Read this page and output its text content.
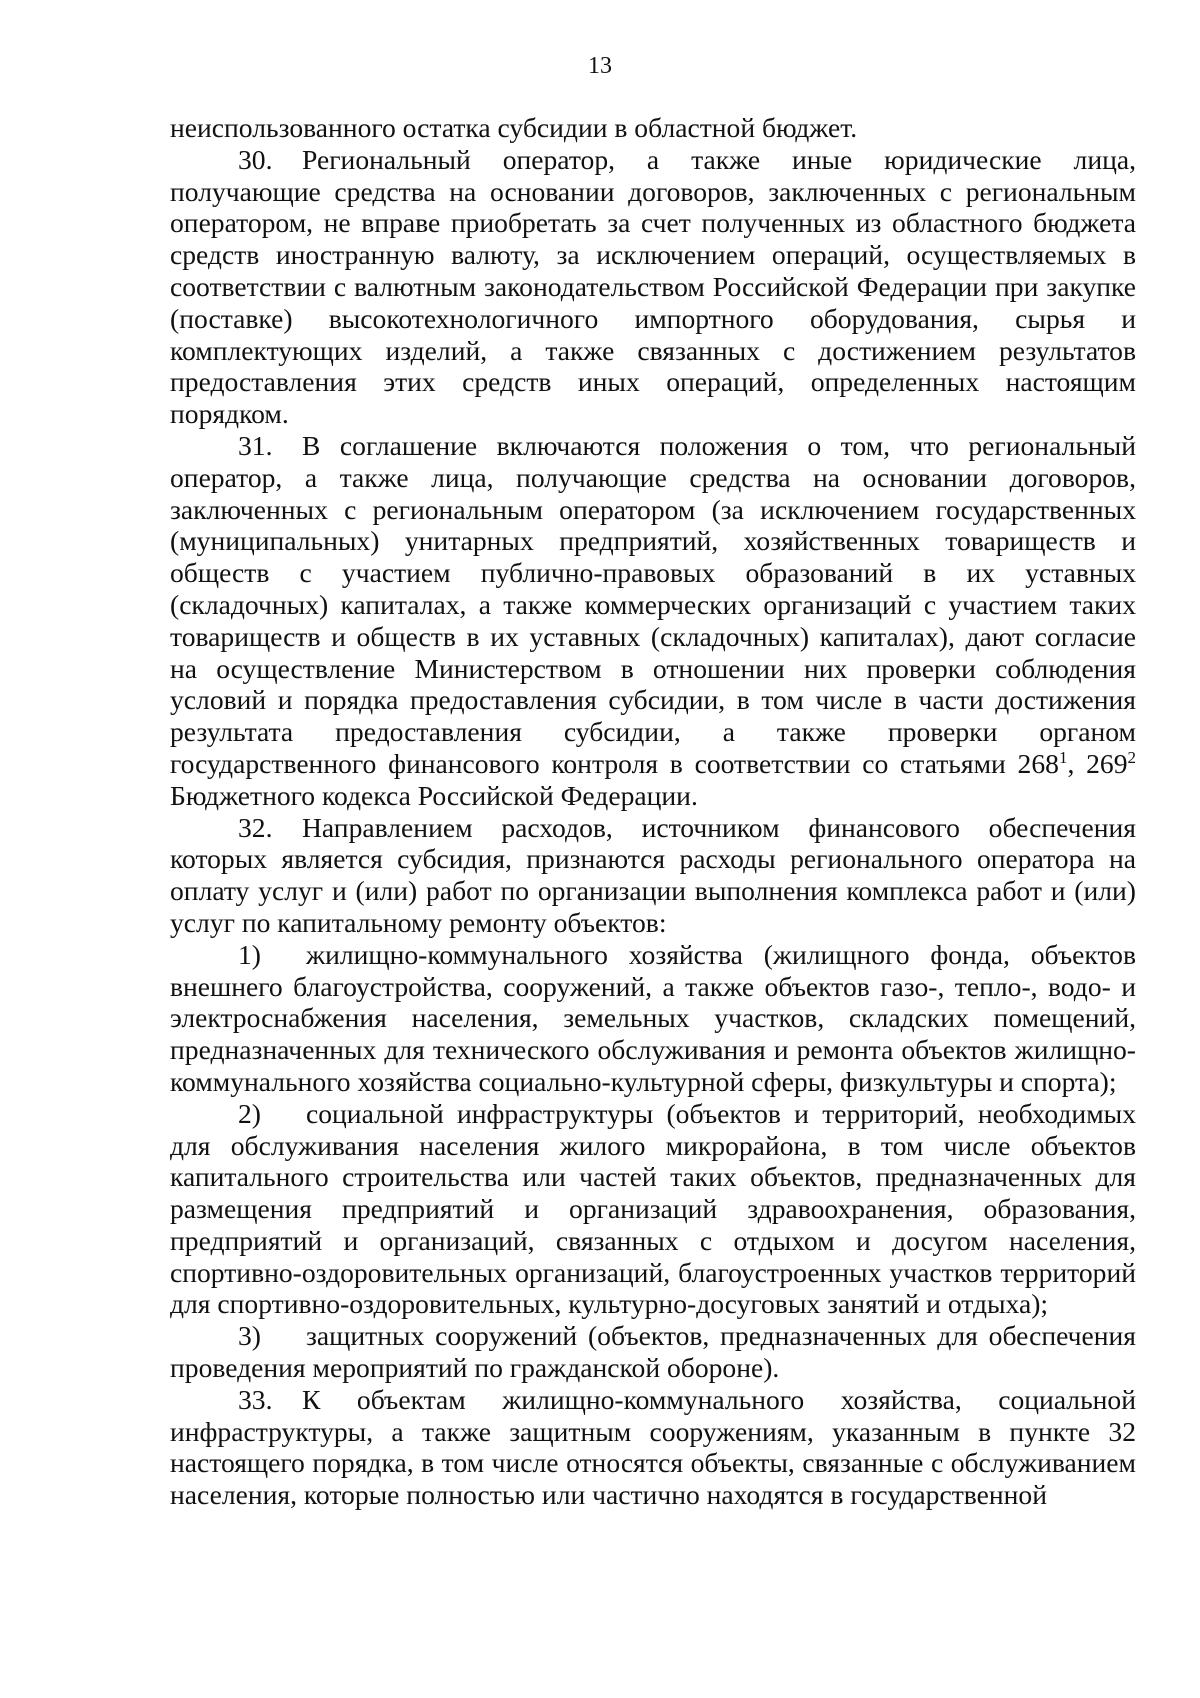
13

неиспользованного остатка субсидии в областной бюджет.

30. Региональный оператор, а также иные юридические лица, получающие средства на основании договоров, заключенных с региональным оператором, не вправе приобретать за счет полученных из областного бюджета средств иностранную валюту, за исключением операций, осуществляемых в соответствии с валютным законодательством Российской Федерации при закупке (поставке) высокотехнологичного импортного оборудования, сырья и комплектующих изделий, а также связанных с достижением результатов предоставления этих средств иных операций, определенных настоящим порядком.

31. В соглашение включаются положения о том, что региональный оператор, а также лица, получающие средства на основании договоров, заключенных с региональным оператором (за исключением государственных (муниципальных) унитарных предприятий, хозяйственных товариществ и обществ с участием публично-правовых образований в их уставных (складочных) капиталах, а также коммерческих организаций с участием таких товариществ и обществ в их уставных (складочных) капиталах), дают согласие на осуществление Министерством в отношении них проверки соблюдения условий и порядка предоставления субсидии, в том числе в части достижения результата предоставления субсидии, а также проверки органом государственного финансового контроля в соответствии со статьями $268^1$, $269^2$ Бюджетного кодекса Российской Федерации.

32. Направлением расходов, источником финансового обеспечения которых является субсидия, признаются расходы регионального оператора на оплату услуг и (или) работ по организации выполнения комплекса работ и (или) услуг по капитальному ремонту объектов:

1) жилищно-коммунального хозяйства (жилищного фонда, объектов внешнего благоустройства, сооружений, а также объектов газо-, тепло-, водо- и электроснабжения населения, земельных участков, складских помещений, предназначенных для технического обслуживания и ремонта объектов жилищно-коммунального хозяйства социально-культурной сферы, физкультуры и спорта);

2) социальной инфраструктуры (объектов и территорий, необходимых для обслуживания населения жилого микрорайона, в том числе объектов капитального строительства или частей таких объектов, предназначенных для размещения предприятий и организаций здравоохранения, образования, предприятий и организаций, связанных с отдыхом и досугом населения, спортивно-оздоровительных организаций, благоустроенных участков территорий для спортивно-оздоровительных, культурно-досуговых занятий и отдыха);

3) защитных сооружений (объектов, предназначенных для обеспечения проведения мероприятий по гражданской обороне).

33. К объектам жилищно-коммунального хозяйства, социальной инфраструктуры, а также защитным сооружениям, указанным в пункте 32 настоящего порядка, в том числе относятся объекты, связанные с обслуживанием населения, которые полностью или частично находятся в государственной
